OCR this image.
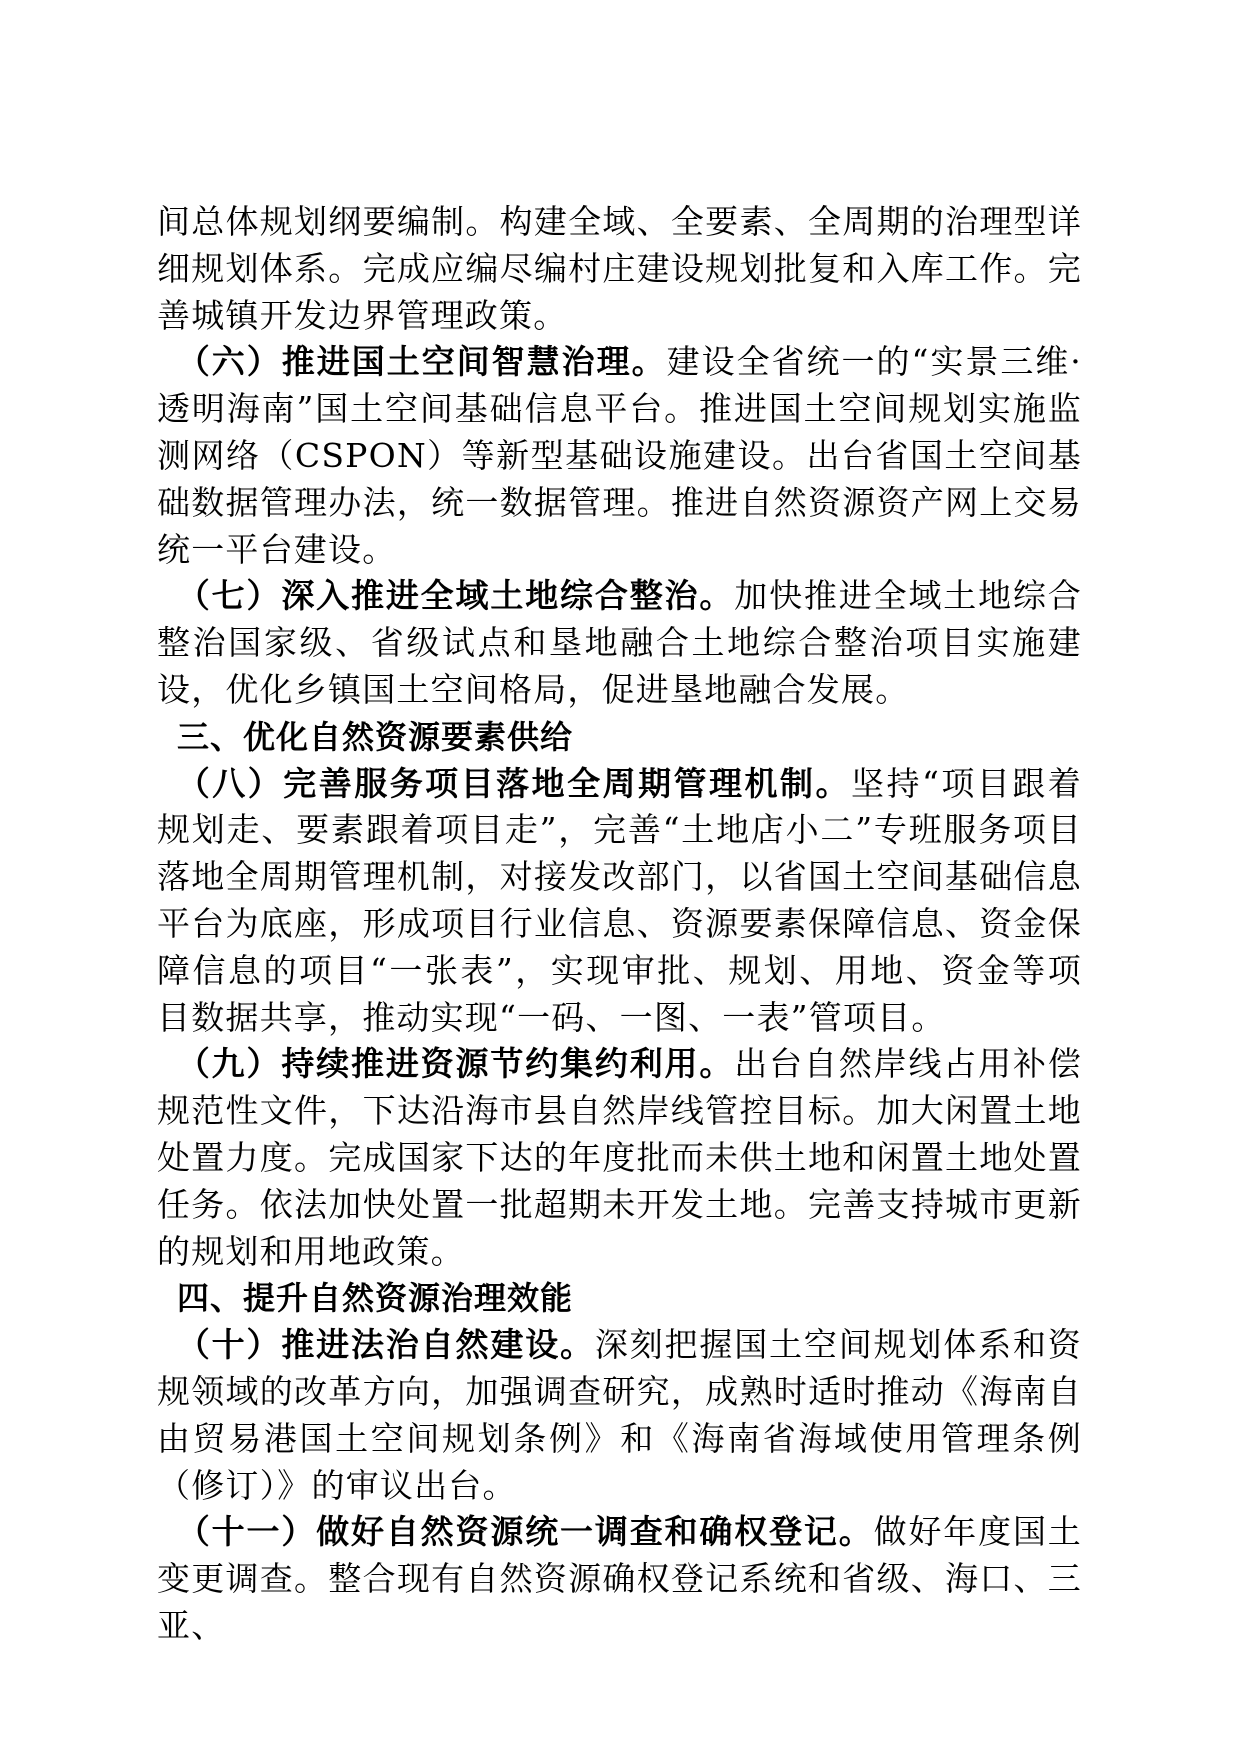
间总体规划纲要编制。构建全域、全要素、全周期的治理型详细规划体系。完成应编尽编村庄建设规划批复和入库工作。完善城镇开发边界管理政策。

（六）推进国土空间智慧治理。建设全省统一的“实景三维·透明海南”国土空间基础信息平台。推进国土空间规划实施监测网络（CSPON）等新型基础设施建设。出台省国土空间基础数据管理办法，统一数据管理。推进自然资源资产网上交易统一平台建设。

（七）深入推进全域土地综合整治。加快推进全域土地综合整治国家级、省级试点和垦地融合土地综合整治项目实施建设，优化乡镇国土空间格局，促进垦地融合发展。

三、优化自然资源要素供给

（八）完善服务项目落地全周期管理机制。坚持“项目跟着规划走、要素跟着项目走”，完善“土地店小二”专班服务项目落地全周期管理机制，对接发改部门，以省国土空间基础信息平台为底座，形成项目行业信息、资源要素保障信息、资金保障信息的项目“一张表”，实现审批、规划、用地、资金等项目数据共享，推动实现“一码、一图、一表”管项目。

（九）持续推进资源节约集约利用。出台自然岸线占用补偿规范性文件，下达沿海市县自然岸线管控目标。加大闲置土地处置力度。完成国家下达的年度批而未供土地和闲置土地处置任务。依法加快处置一批超期未开发土地。完善支持城市更新的规划和用地政策。

四、提升自然资源治理效能

（十）推进法治自然建设。深刻把握国土空间规划体系和资规领域的改革方向，加强调查研究，成熟时适时推动《海南自由贸易港国土空间规划条例》和《海南省海域使用管理条例（修订）》的审议出台。

（十一）做好自然资源统一调查和确权登记。做好年度国土变更调查。整合现有自然资源确权登记系统和省级、海口、三亚、
